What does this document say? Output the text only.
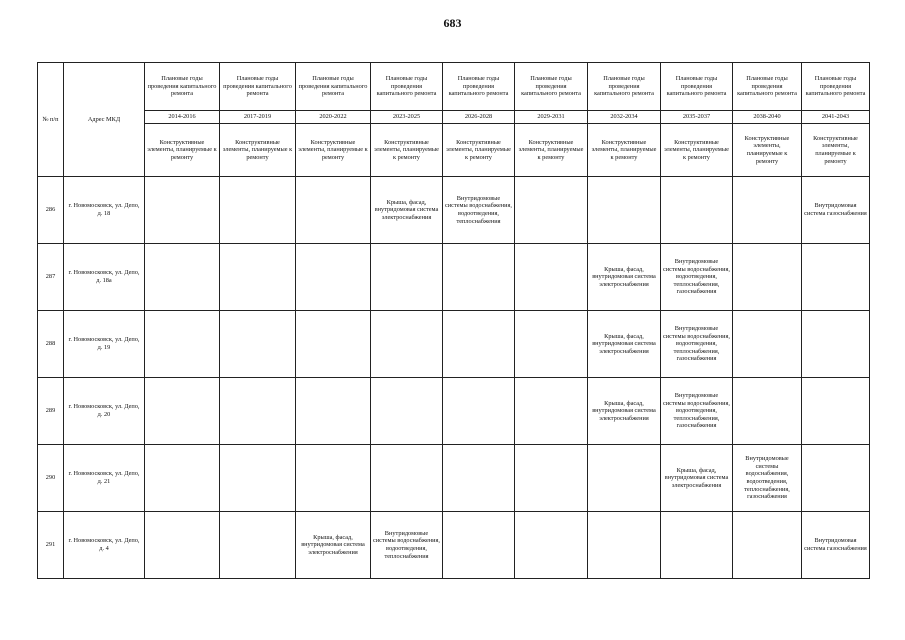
683
№ п/п	Адрес МКД	Плановые годы проведения капитального ремонта	Плановые годы проведения капитального ремонта	Плановые годы проведения капитального ремонта	Плановые годы проведения капитального ремонта	Плановые годы проведения капитального ремонта	Плановые годы проведения капитального ремонта	Плановые годы проведения капитального ремонта	Плановые годы проведения капитального ремонта	Плановые годы проведения капитального ремонта	Плановые годы проведения капитального ремонта
		2014-2016	2017-2019	2020-2022	2023-2025	2026-2028	2029-2031	2032-2034	2035-2037	2038-2040	2041-2043
		Конструктивные элементы, планируемые к ремонту	Конструктивные элементы, планируемые к ремонту	Конструктивные элементы, планируемые к ремонту	Конструктивные элементы, планируемые к ремонту	Конструктивные элементы, планируемые к ремонту	Конструктивные элементы, планируемые к ремонту	Конструктивные элементы, планируемые к ремонту	Конструктивные элементы, планируемые к ремонту	Конструктивные элементы, планируемые к ремонту	Конструктивные элементы, планируемые к ремонту
286	г. Новомосковск, ул. Депо, д. 18				Крыша, фасад, внутридомовая система электроснабжения	Внутридомовые системы водоснабжения, водоотведения, теплоснабжения					Внутридомовая система газоснабжения
287	г. Новомосковск, ул. Депо, д. 18а							Крыша, фасад, внутридомовая система электроснабжения	Внутридомовые системы водоснабжения, водоотведения, теплоснабжения, газоснабжения		
288	г. Новомосковск, ул. Депо, д. 19							Крыша, фасад, внутридомовая система электроснабжения	Внутридомовые системы водоснабжения, водоотведения, теплоснабжения, газоснабжения		
289	г. Новомосковск, ул. Депо, д. 20							Крыша, фасад, внутридомовая система электроснабжения	Внутридомовые системы водоснабжения, водоотведения, теплоснабжения, газоснабжения		
290	г. Новомосковск, ул. Депо, д. 21								Крыша, фасад, внутридомовая система электроснабжения	Внутридомовые системы водоснабжения, водоотведения, теплоснабжения, газоснабжения	
291	г. Новомосковск, ул. Депо, д. 4			Крыша, фасад, внутридомовая система электроснабжения	Внутридомовые системы водоснабжения, водоотведения, теплоснабжения						Внутридомовая система газоснабжения
